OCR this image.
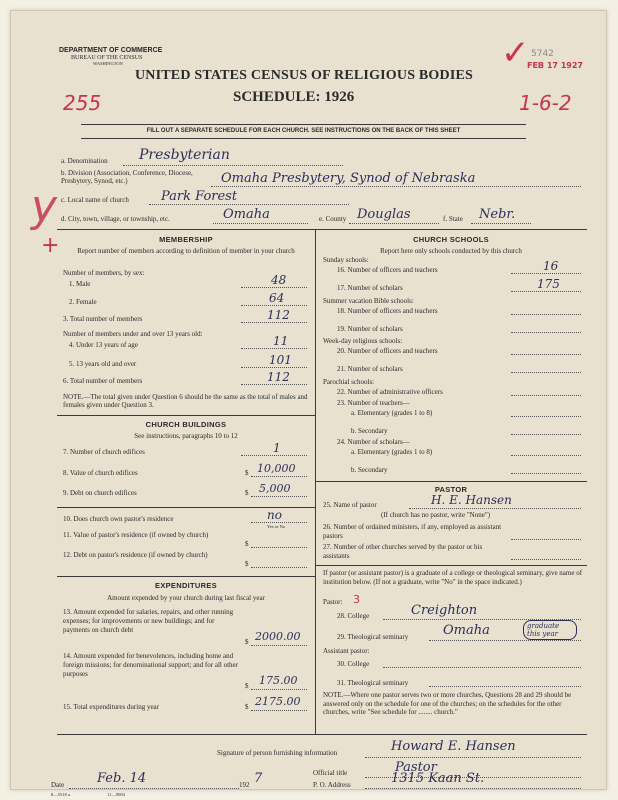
DEPARTMENT OF COMMERCE
BUREAU OF THE CENSUS
WASHINGTON
UNITED STATES CENSUS OF RELIGIOUS BODIES
SCHEDULE: 1926
FILL OUT A SEPARATE SCHEDULE FOR EACH CHURCH. SEE INSTRUCTIONS ON THE BACK OF THIS SHEET
5742
FEB 17 1927
✓
255	1-6-2
y
+
a. Denomination Presbyterian
b. Division (Association, Conference, Diocese, Presbytery, Synod, etc.)	Omaha Presbytery, Synod of Nebraska
c. Local name of church Park Forest
d. City, town, village, or township, etc.	Omaha	e. County Douglas	f. State Nebr.
MEMBERSHIP
Report number of members according to definition of member in your church
Number of members, by sex:
1. Male	48
2. Female	64
3. Total number of members	112
Number of members under and over 13 years old:
4. Under 13 years of age	11
5. 13 years old and over	101
6. Total number of members	112
NOTE.—The total given under Question 6 should be the same as the total of males and females given under Question 3.
CHURCH BUILDINGS
See instructions, paragraphs 10 to 12
7. Number of church edifices	1
8. Value of church edifices	$ 10,000
9. Debt on church edifices	$ 5,000
10. Does church own pastor's residence	no
Yes or No
11. Value of pastor's residence (if owned by church)
$
12. Debt on pastor's residence (if owned by church)
$
EXPENDITURES
Amount expended by your church during last fiscal year
13. Amount expended for salaries, repairs, and other running expenses; for improvements or new buildings; and for payments on church debt
$ 2000.00
14. Amount expended for benevolences, including home and foreign missions; for denominational support; and for all other purposes
$ 175.00
15. Total expenditures during year	$ 2175.00
CHURCH SCHOOLS
Report here only schools conducted by this church
Sunday schools:
16. Number of officers and teachers	16
17. Number of scholars	175
Summer vacation Bible schools:
18. Number of officers and teachers
19. Number of scholars
Week-day religious schools:
20. Number of officers and teachers
21. Number of scholars
Parochial schools:
22. Number of administrative officers
23. Number of teachers—
a. Elementary (grades 1 to 8)
b. Secondary
24. Number of scholars—
a. Elementary (grades 1 to 8)
b. Secondary
PASTOR
25. Name of pastor	H. E. Hansen
(If church has no pastor, write "None")
26. Number of ordained ministers, if any, employed as assistant pastors
27. Number of other churches served by the pastor or his assistants
If pastor (or assistant pastor) is a graduate of a college or theological seminary, give name of institution below. (If not a graduate, write "No" in the space indicated.)
Pastor: 3
28. College	Creighton
29. Theological seminary	Omaha	graduate this year
Assistant pastor:
30. College
31. Theological seminary
NOTE.—Where one pastor serves two or more churches, Questions 28 and 29 should be answered only on the schedule for one of the churches; on the schedules for the other churches, write "See schedule for ........ church."
Signature of person furnishing information	Howard E. Hansen
Official title	Pastor
Date	Feb. 14	192 7	P. O. Address	1315 Kaan St.
8—5518 a	11—9084
